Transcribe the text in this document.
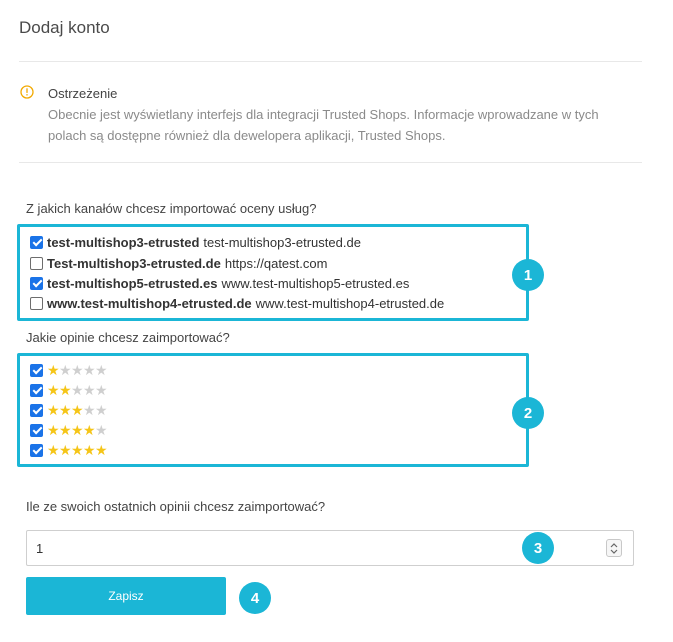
Dodaj konto
Ostrzeżenie
Obecnie jest wyświetlany interfejs dla integracji Trusted Shops. Informacje wprowadzane w tych polach są dostępne również dla dewelopera aplikacji, Trusted Shops.
Z jakich kanałów chcesz importować oceny usług?
test-multishop3-etrusted test-multishop3-etrusted.de
Test-multishop3-etrusted.de https://qatest.com
test-multishop5-etrusted.es www.test-multishop5-etrusted.es
www.test-multishop4-etrusted.de www.test-multishop4-etrusted.de
Jakie opinie chcesz zaimportować?
★ ★ ★ ★ ★
★ ★ ★ ★ ★
★ ★ ★ ★ ★
★ ★ ★ ★ ★
★ ★ ★ ★ ★
Ile ze swoich ostatnich opinii chcesz zaimportować?
1
Zapisz
1
2
3
4
